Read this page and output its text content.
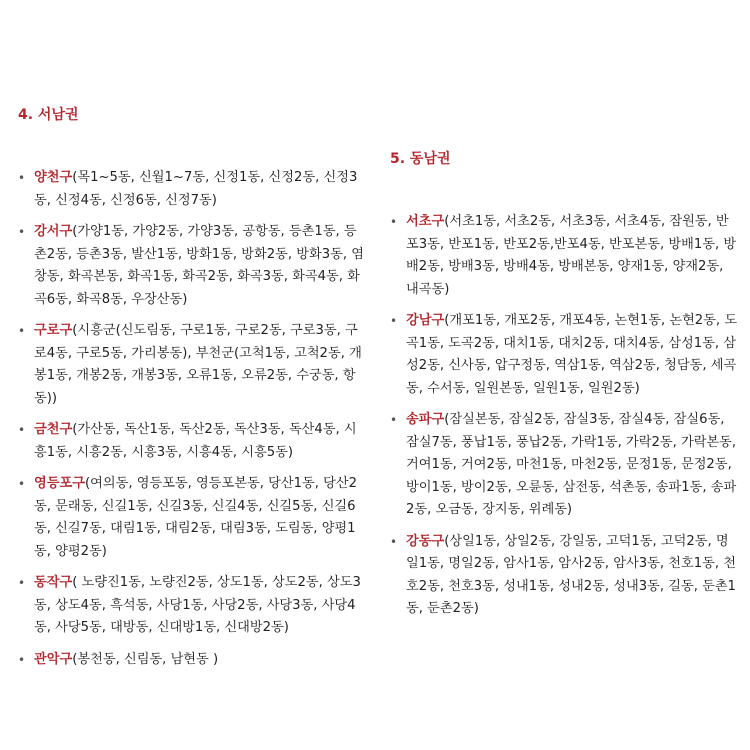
4. 서남권
• 양천구(목1~5동, 신월1~7동, 신정1동, 신정2동, 신정3동, 신정4동, 신정6동, 신정7동)
• 강서구(가양1동, 가양2동, 가양3동, 공항동, 등촌1동, 등촌2동, 등촌3동, 발산1동, 방화1동, 방화2동, 방화3동, 염창동, 화곡본동, 화곡1동, 화곡2동, 화곡3동, 화곡4동, 화곡6동, 화곡8동, 우장산동)
• 구로구(시흥군(신도림동, 구로1동, 구로2동, 구로3동, 구로4동, 구로5동, 가리봉동), 부천군(고척1동, 고척2동, 개봉1동, 개봉2동, 개봉3동, 오류1동, 오류2동, 수궁동, 항동))
• 금천구(가산동, 독산1동, 독산2동, 독산3동, 독산4동, 시흥1동, 시흥2동, 시흥3동, 시흥4동, 시흥5동)
• 영등포구(여의동, 영등포동, 영등포본동, 당산1동, 당산2동, 문래동, 신길1동, 신길3동, 신길4동, 신길5동, 신길6동, 신길7동, 대림1동, 대림2동, 대림3동, 도림동, 양평1동, 양평2동)
• 동작구( 노량진1동, 노량진2동, 상도1동, 상도2동, 상도3동, 상도4동, 흑석동, 사당1동, 사당2동, 사당3동, 사당4동, 사당5동, 대방동, 신대방1동, 신대방2동)
• 관악구(봉천동, 신림동, 남현동 )
5. 동남권
• 서초구(서초1동, 서초2동, 서초3동, 서초4동, 잠원동, 반포3동, 반포1동, 반포2동,반포4동, 반포본동, 방배1동, 방배2동, 방배3동, 방배4동, 방배본동, 양재1동, 양재2동, 내곡동)
• 강남구(개포1동, 개포2동, 개포4동, 논현1동, 논현2동, 도곡1동, 도곡2동, 대치1동, 대치2동, 대치4동, 삼성1동, 삼성2동, 신사동, 압구정동, 역삼1동, 역삼2동, 청담동, 세곡동, 수서동, 일원본동, 일원1동, 일원2동)
• 송파구(잠실본동, 잠실2동, 잠실3동, 잠실4동, 잠실6동, 잠실7동, 풍납1동, 풍납2동, 가락1동, 가락2동, 가락본동, 거여1동, 거여2동, 마천1동, 마천2동, 문정1동, 문정2동, 방이1동, 방이2동, 오륜동, 삼전동, 석촌동, 송파1동, 송파2동, 오금동, 장지동, 위례동)
• 강동구(상일1동, 상일2동, 강일동, 고덕1동, 고덕2동, 명일1동, 명일2동, 암사1동, 암사2동, 암사3동, 천호1동, 천호2동, 천호3동, 성내1동, 성내2동, 성내3동, 길동, 둔촌1동, 둔촌2동)
